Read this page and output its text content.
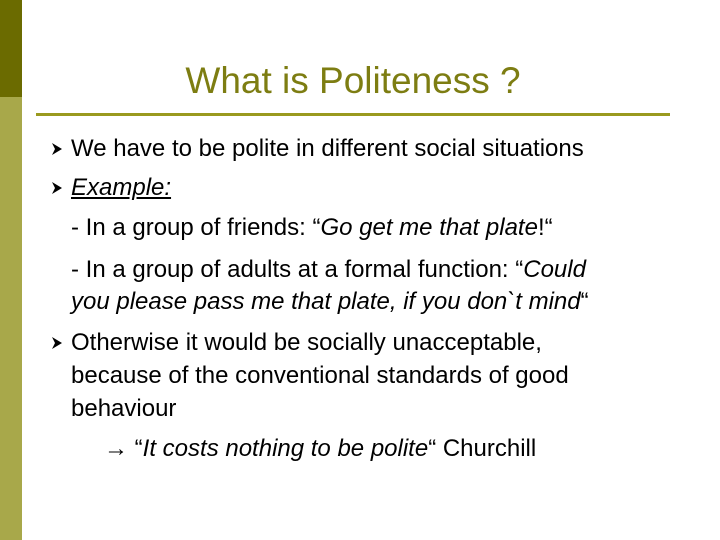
What is Politeness ?
We have to be polite in different social situations
Example:
- In a group of friends: “Go get me that plate!“
- In a group of adults at a formal function: “Could
you please pass me that plate, if you don`t mind“
Otherwise it would be socially unacceptable,
because of the conventional standards of good
behaviour
→ “It costs nothing to be polite“ Churchill
